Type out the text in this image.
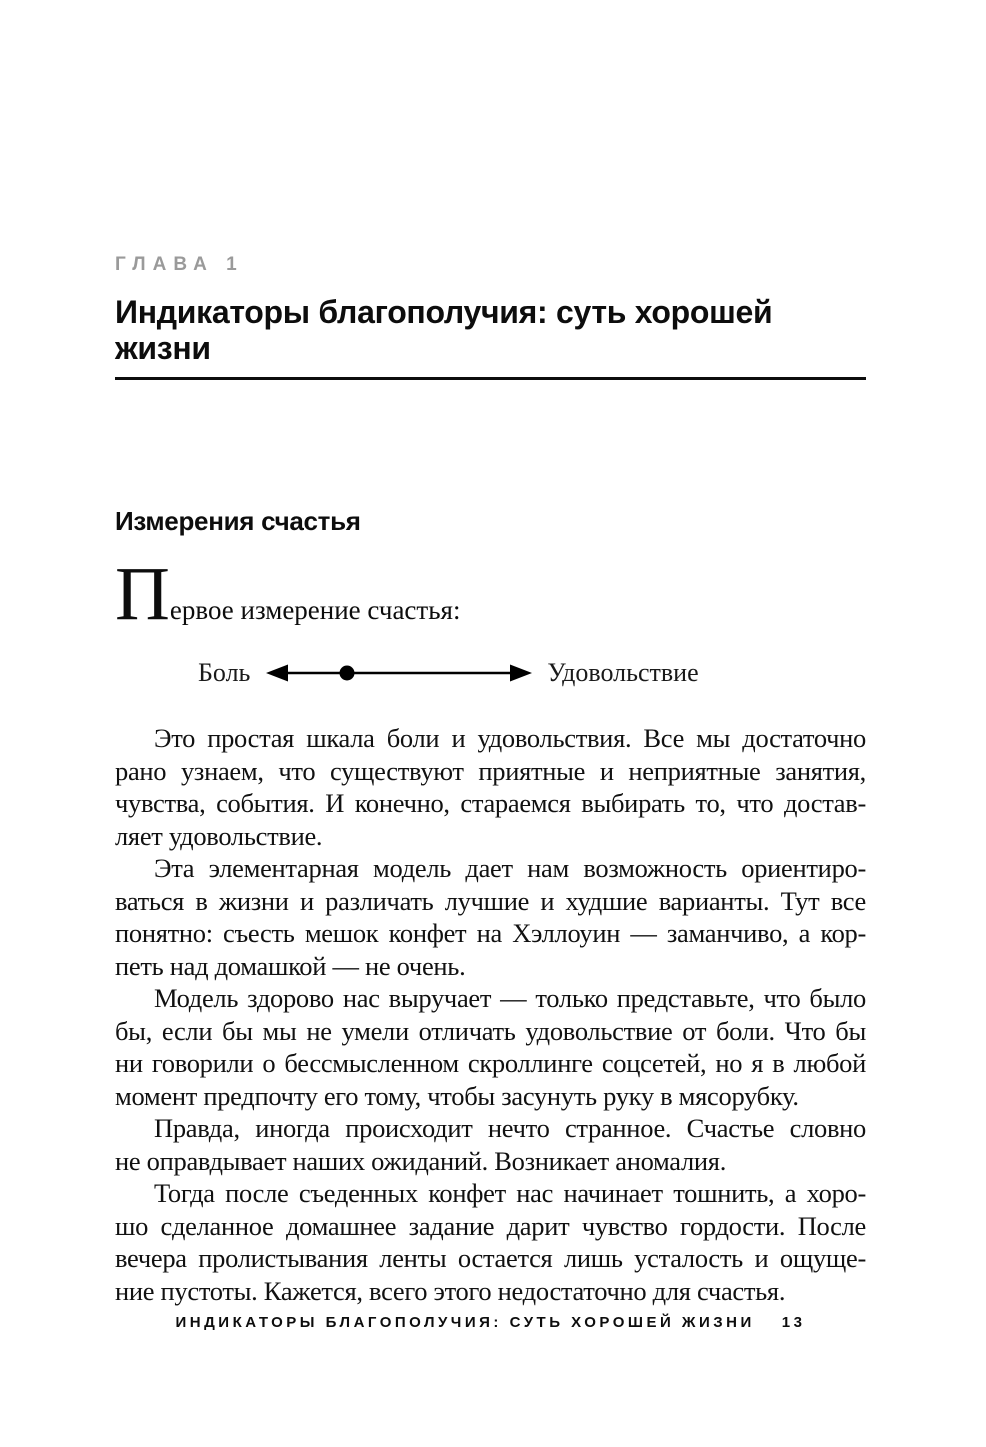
ГЛАВА 1
Индикаторы благополучия: суть хорошей жизни
Измерения счастья

Первое измерение счастья:

Боль	Удовольствие
Это простая шкала боли и удовольствия. Все мы достаточно
рано узнаем, что существуют приятные и неприятные занятия,
чувства, события. И конечно, стараемся выбирать то, что достав-
ляет удовольствие.
Эта элементарная модель дает нам возможность ориентиро-
ваться в жизни и различать лучшие и худшие варианты. Тут все
понятно: съесть мешок конфет на Хэллоуин — заманчиво, а кор-
петь над домашкой — не очень.
Модель здорово нас выручает — только представьте, что было
бы, если бы мы не умели отличать удовольствие от боли. Что бы
ни говорили о бессмысленном скроллинге соцсетей, но я в любой
момент предпочту его тому, чтобы засунуть руку в мясорубку.
Правда, иногда происходит нечто странное. Счастье словно
не оправдывает наших ожиданий. Возникает аномалия.
Тогда после съеденных конфет нас начинает тошнить, а хоро-
шо сделанное домашнее задание дарит чувство гордости. После
вечера пролистывания ленты остается лишь усталость и ощуще-
ние пустоты. Кажется, всего этого недостаточно для счастья.
ИНДИКАТОРЫ БЛАГОПОЛУЧИЯ: СУТЬ ХОРОШЕЙ ЖИЗНИ 13
